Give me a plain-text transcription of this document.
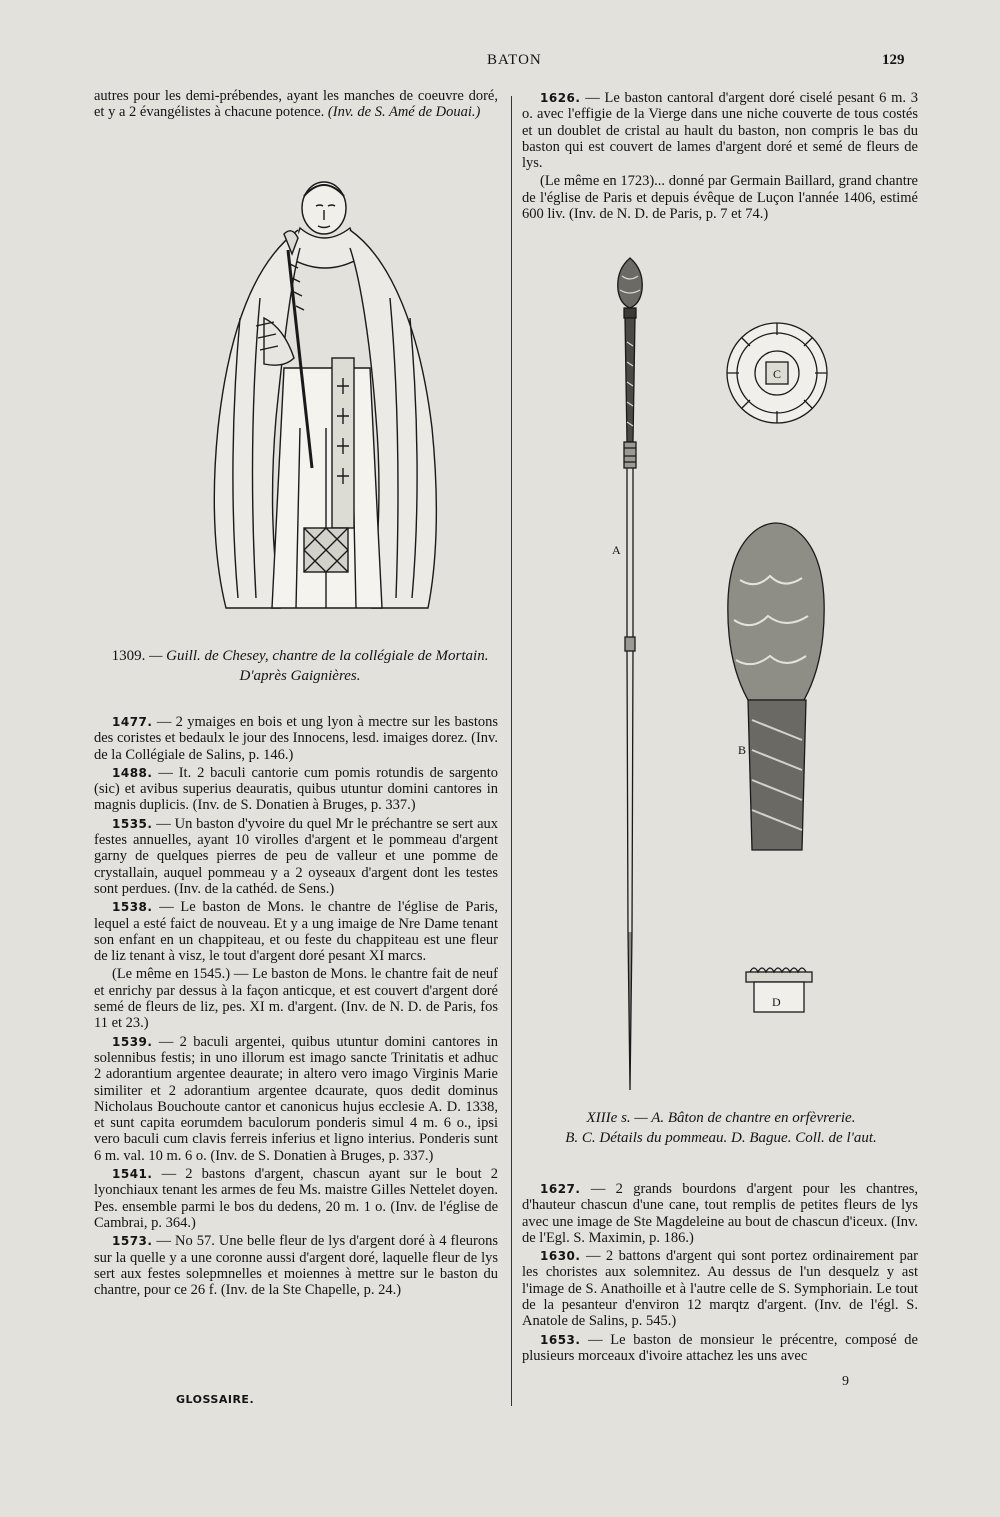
BATON	129

autres pour les demi-prébendes, ayant les manches de coeuvre doré, et y a 2 évangélistes à chacune potence. (Inv. de S. Amé de Douai.)

1309. — Guill. de Chesey, chantre de la collégiale de Mortain. D'après Gaignières.

1477. — 2 ymaiges en bois et ung lyon à mectre sur les bastons des coristes et bedaulx le jour des Innocens, lesd. imaiges dorez. (Inv. de la Collégiale de Salins, p. 146.)

1488. — It. 2 baculi cantorie cum pomis rotundis de sargento (sic) et avibus superius deauratis, quibus utuntur domini cantores in magnis duplicis. (Inv. de S. Donatien à Bruges, p. 337.)

1535. — Un baston d'yvoire du quel Mr le préchantre se sert aux festes annuelles, ayant 10 virolles d'argent et le pommeau d'argent garny de quelques pierres de peu de valleur et une pomme de crystallain, auquel pommeau y a 2 oyseaux d'argent dont les testes sont perdues. (Inv. de la cathéd. de Sens.)

1538. — Le baston de Mons. le chantre de l'église de Paris, lequel a esté faict de nouveau. Et y a ung imaige de Nre Dame tenant son enfant en un chappiteau, et ou feste du chappiteau est une fleur de liz tenant à visz, le tout d'argent doré pesant XI marcs.

(Le même en 1545.) — Le baston de Mons. le chantre fait de neuf et enrichy par dessus à la façon anticque, et est couvert d'argent doré semé de fleurs de liz, pes. XI m. d'argent. (Inv. de N. D. de Paris, fos 11 et 23.)

1539. — 2 baculi argentei, quibus utuntur domini cantores in solennibus festis; in uno illorum est imago sancte Trinitatis et adhuc 2 adorantium argentee deaurate; in altero vero imago Virginis Marie similiter et 2 adorantium argentee dcaurate, quos dedit dominus Nicholaus Bouchoute cantor et canonicus hujus ecclesie A. D. 1338, et sunt capita eorumdem baculorum ponderis simul 4 m. 6 o., ipsi vero baculi cum clavis ferreis inferius et ligno interius. Ponderis sunt 6 m. val. 10 m. 6 o. (Inv. de S. Donatien à Bruges, p. 337.)

1541. — 2 bastons d'argent, chascun ayant sur le bout 2 lyonchiaux tenant les armes de feu Ms. maistre Gilles Nettelet doyen. Pes. ensemble parmi le bos du dedens, 20 m. 1 o. (Inv. de l'église de Cambrai, p. 364.)

1573. — No 57. Une belle fleur de lys d'argent doré à 4 fleurons sur la quelle y a une coronne aussi d'argent doré, laquelle fleur de lys sert aux festes solepmnelles et moiennes à mettre sur le baston du chantre, pour ce 26 f. (Inv. de la Ste Chapelle, p. 24.)

GLOSSAIRE.

1626. — Le baston cantoral d'argent doré ciselé pesant 6 m. 3 o. avec l'effigie de la Vierge dans une niche couverte de tous costés et un doublet de cristal au hault du baston, non compris le bas du baston qui est couvert de lames d'argent doré et semé de fleurs de lys.

(Le même en 1723)... donné par Germain Baillard, grand chantre de l'église de Paris et depuis évêque de Luçon l'année 1406, estimé 600 liv. (Inv. de N. D. de Paris, p. 7 et 74.)

A
C
B
D
XIIIe s. — A. Bâton de chantre en orfèvrerie.
B. C. Détails du pommeau. D. Bague. Coll. de l'aut.

1627. — 2 grands bourdons d'argent pour les chantres, d'hauteur chascun d'une cane, tout remplis de petites fleurs de lys avec une image de Ste Magdeleine au bout de chascun d'iceux. (Inv. de l'Egl. S. Maximin, p. 186.)

1630. — 2 battons d'argent qui sont portez ordinairement par les choristes aux solemnitez. Au dessus de l'un desquelz y ast l'image de S. Anathoille et à l'autre celle de S. Symphoriain. Le tout de la pesanteur d'environ 12 marqtz d'argent. (Inv. de l'égl. S. Anatole de Salins, p. 545.)

1653. — Le baston de monsieur le précentre, composé de plusieurs morceaux d'ivoire attachez les uns avec

9
